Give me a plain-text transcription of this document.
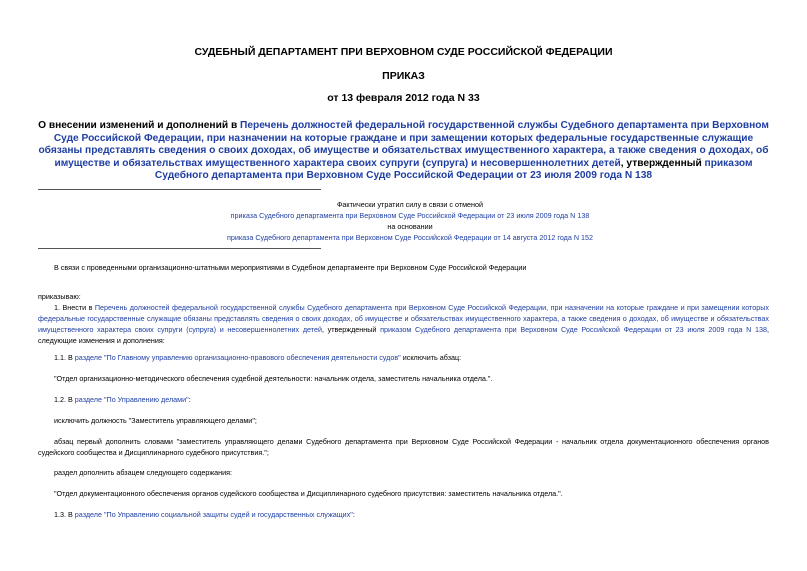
СУДЕБНЫЙ ДЕПАРТАМЕНТ ПРИ ВЕРХОВНОМ СУДЕ РОССИЙСКОЙ ФЕДЕРАЦИИ
ПРИКАЗ
от 13 февраля 2012 года N 33
О внесении изменений и дополнений в Перечень должностей федеральной государственной службы Судебного департамента при Верховном Суде Российской Федерации, при назначении на которые граждане и при замещении которых федеральные государственные служащие обязаны представлять сведения о своих доходах, об имуществе и обязательствах имущественного характера, а также сведения о доходах, об имуществе и обязательствах имущественного характера своих супруги (супруга) и несовершеннолетних детей, утвержденный приказом Судебного департамента при Верховном Суде Российской Федерации от 23 июля 2009 года N 138
Фактически утратил силу в связи с отменой
приказа Судебного департамента при Верховном Суде Российской Федерации от 23 июля 2009 года N 138
на основании
приказа Судебного департамента при Верховном Суде Российской Федерации от 14 августа 2012 года N 152
В связи с проведенными организационно-штатными мероприятиями в Судебном департаменте при Верховном Суде Российской Федерации
приказываю:
1. Внести в Перечень должностей федеральной государственной службы Судебного департамента при Верховном Суде Российской Федерации, при назначении на которые граждане и при замещении которых федеральные государственные служащие обязаны представлять сведения о своих доходах, об имуществе и обязательствах имущественного характера, а также сведения о доходах, об имуществе и обязательствах имущественного характера своих супруги (супруга) и несовершеннолетних детей, утвержденный приказом Судебного департамента при Верховном Суде Российской Федерации от 23 июля 2009 года N 138, следующие изменения и дополнения:
1.1. В разделе "По Главному управлению организационно-правового обеспечения деятельности судов" исключить абзац:
"Отдел организационно-методического обеспечения судебной деятельности: начальник отдела, заместитель начальника отдела.".
1.2. В разделе "По Управлению делами":
исключить должность "Заместитель управляющего делами";
абзац первый дополнить словами "заместитель управляющего делами Судебного департамента при Верховном Суде Российской Федерации - начальник отдела документационного обеспечения органов судейского сообщества и Дисциплинарного судебного присутствия.";
раздел дополнить абзацем следующего содержания:
"Отдел документационного обеспечения органов судейского сообщества и Дисциплинарного судебного присутствия: заместитель начальника отдела.".
1.3. В разделе "По Управлению социальной защиты судей и государственных служащих":
